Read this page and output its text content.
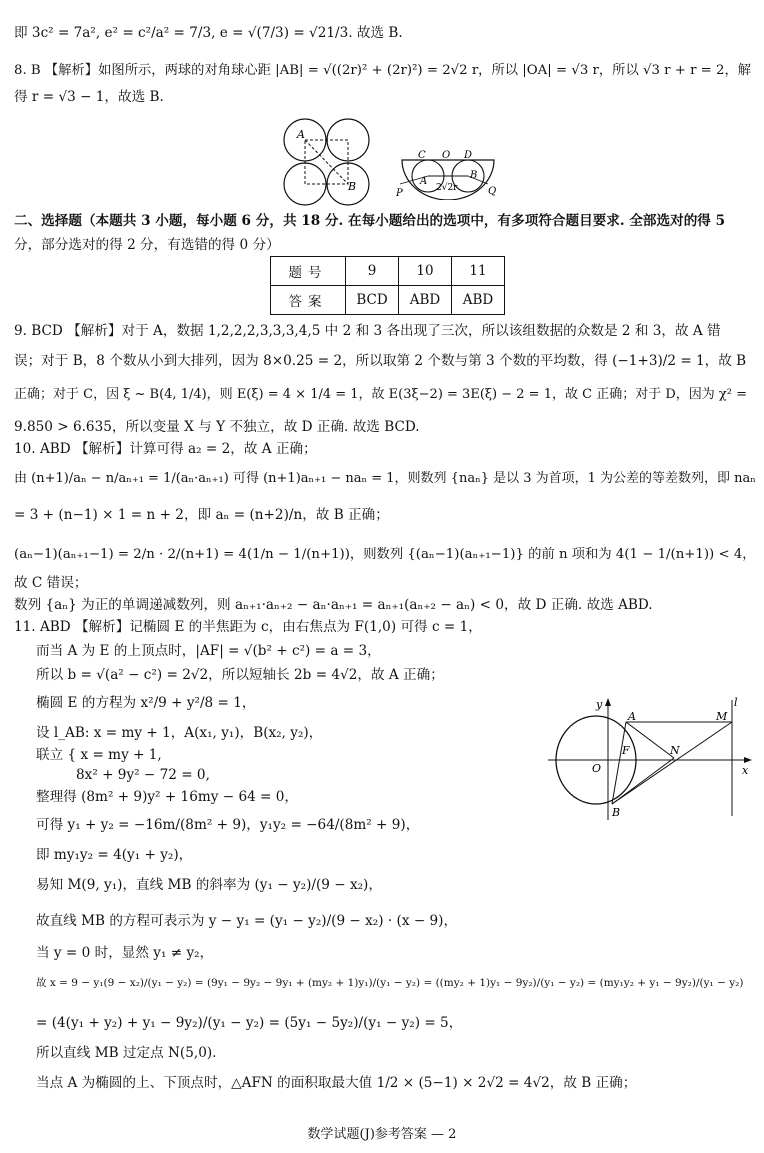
即 3c² = 7a², e² = c²/a² = 7/3, e = √(7/3) = √21/3. 故选 B.
8. B 【解析】如图所示，两球的对角球心距 |AB| = √((2r)² + (2r)²) = 2√2 r，所以 |OA| = √3 r，所以 √3 r + r = 2，解
得 r = √3 − 1，故选 B.
A
B
C O D
A
2√2r
B
P	Q
二、选择题（本题共 3 小题，每小题 6 分，共 18 分. 在每小题给出的选项中，有多项符合题目要求. 全部选对的得 5
分，部分选对的得 2 分，有选错的得 0 分）
题号	9	10	11
答案	BCD	ABD	ABD
9. BCD 【解析】对于 A，数据 1,2,2,2,3,3,3,4,5 中 2 和 3 各出现了三次，所以该组数据的众数是 2 和 3，故 A 错
误；对于 B，8 个数从小到大排列，因为 8×0.25 = 2，所以取第 2 个数与第 3 个数的平均数，得 (−1+3)/2 = 1，故 B
正确；对于 C，因 ξ ~ B(4, 1/4)，则 E(ξ) = 4 × 1/4 = 1，故 E(3ξ−2) = 3E(ξ) − 2 = 1，故 C 正确；对于 D，因为 χ² =
9.850 > 6.635，所以变量 X 与 Y 不独立，故 D 正确. 故选 BCD.
10. ABD 【解析】计算可得 a₂ = 2，故 A 正确；
由 (n+1)/aₙ − n/aₙ₊₁ = 1/(aₙ·aₙ₊₁) 可得 (n+1)aₙ₊₁ − naₙ = 1，则数列 {naₙ} 是以 3 为首项，1 为公差的等差数列，即 naₙ
= 3 + (n−1) × 1 = n + 2，即 aₙ = (n+2)/n，故 B 正确；
(aₙ−1)(aₙ₊₁−1) = 2/n · 2/(n+1) = 4(1/n − 1/(n+1))，则数列 {(aₙ−1)(aₙ₊₁−1)} 的前 n 项和为 4(1 − 1/(n+1)) < 4，
故 C 错误；
数列 {aₙ} 为正的单调递减数列，则 aₙ₊₁·aₙ₊₂ − aₙ·aₙ₊₁ = aₙ₊₁(aₙ₊₂ − aₙ) < 0，故 D 正确. 故选 ABD.
11. ABD 【解析】记椭圆 E 的半焦距为 c，由右焦点为 F(1,0) 可得 c = 1，
而当 A 为 E 的上顶点时，|AF| = √(b² + c²) = a = 3，
所以 b = √(a² − c²) = 2√2，所以短轴长 2b = 4√2，故 A 正确；
椭圆 E 的方程为 x²/9 + y²/8 = 1，
设 l_AB: x = my + 1，A(x₁, y₁)，B(x₂, y₂)，
联立 { x = my + 1,
8x² + 9y² − 72 = 0,
整理得 (8m² + 9)y² + 16my − 64 = 0，
可得 y₁ + y₂ = −16m/(8m² + 9)，y₁y₂ = −64/(8m² + 9)，
即 my₁y₂ = 4(y₁ + y₂)，
易知 M(9, y₁)，直线 MB 的斜率为 (y₁ − y₂)/(9 − x₂)，
故直线 MB 的方程可表示为 y − y₁ = (y₁ − y₂)/(9 − x₂) · (x − 9)，
当 y = 0 时，显然 y₁ ≠ y₂，
故 x = 9 − y₁(9 − x₂)/(y₁ − y₂) = (9y₁ − 9y₂ − 9y₁ + (my₂ + 1)y₁)/(y₁ − y₂) = ((my₂ + 1)y₁ − 9y₂)/(y₁ − y₂) = (my₁y₂ + y₁ − 9y₂)/(y₁ − y₂)
= (4(y₁ + y₂) + y₁ − 9y₂)/(y₁ − y₂) = (5y₁ − 5y₂)/(y₁ − y₂) = 5，
所以直线 MB 过定点 N(5,0).
当点 A 为椭圆的上、下顶点时，△AFN 的面积取最大值 1/2 × (5−1) × 2√2 = 4√2，故 B 正确；
y	l
A	M
F	N
O	x
B
数学试题(J)参考答案 — 2
